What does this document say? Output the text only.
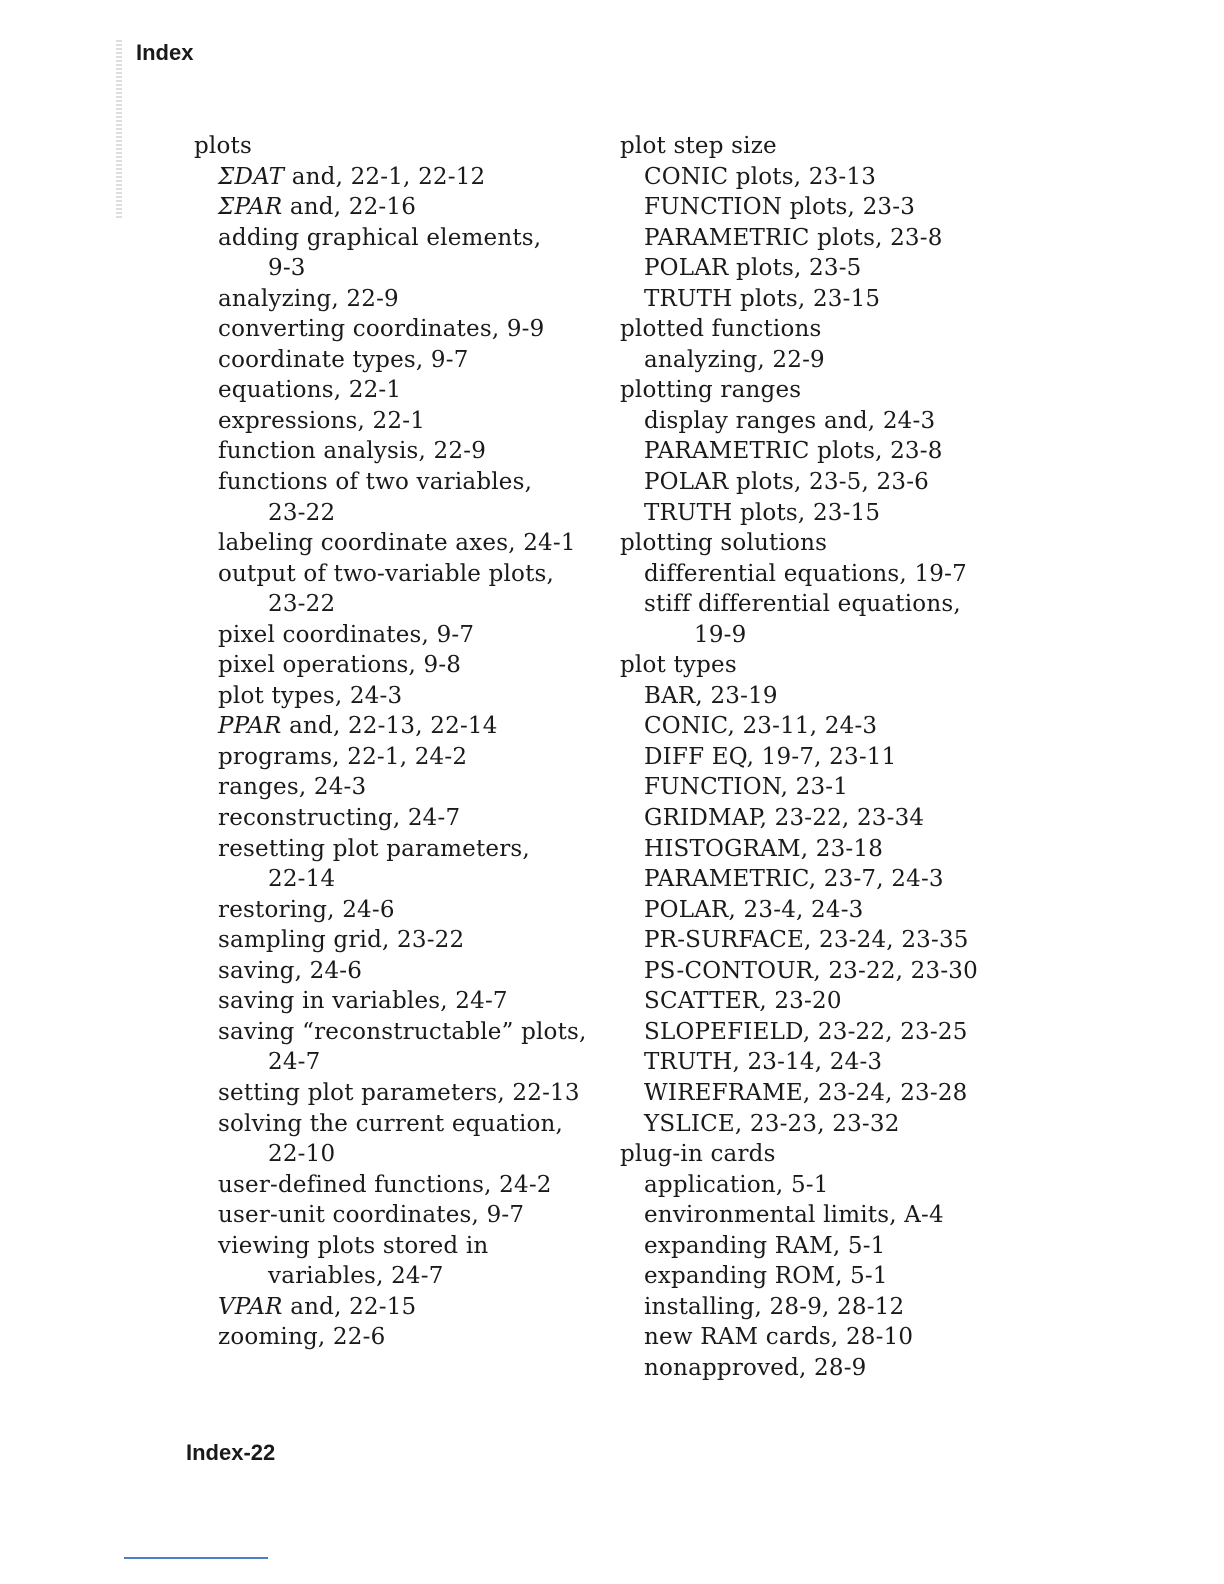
Index
plots
ΣDAT and, 22-1, 22-12
ΣPAR and, 22-16
adding graphical elements,
9-3
analyzing, 22-9
converting coordinates, 9-9
coordinate types, 9-7
equations, 22-1
expressions, 22-1
function analysis, 22-9
functions of two variables,
23-22
labeling coordinate axes, 24-1
output of two-variable plots,
23-22
pixel coordinates, 9-7
pixel operations, 9-8
plot types, 24-3
PPAR and, 22-13, 22-14
programs, 22-1, 24-2
ranges, 24-3
reconstructing, 24-7
resetting plot parameters,
22-14
restoring, 24-6
sampling grid, 23-22
saving, 24-6
saving in variables, 24-7
saving “reconstructable” plots,
24-7
setting plot parameters, 22-13
solving the current equation,
22-10
user-defined functions, 24-2
user-unit coordinates, 9-7
viewing plots stored in
variables, 24-7
VPAR and, 22-15
zooming, 22-6
plot step size
CONIC plots, 23-13
FUNCTION plots, 23-3
PARAMETRIC plots, 23-8
POLAR plots, 23-5
TRUTH plots, 23-15
plotted functions
analyzing, 22-9
plotting ranges
display ranges and, 24-3
PARAMETRIC plots, 23-8
POLAR plots, 23-5, 23-6
TRUTH plots, 23-15
plotting solutions
differential equations, 19-7
stiff differential equations,
19-9
plot types
BAR, 23-19
CONIC, 23-11, 24-3
DIFF EQ, 19-7, 23-11
FUNCTION, 23-1
GRIDMAP, 23-22, 23-34
HISTOGRAM, 23-18
PARAMETRIC, 23-7, 24-3
POLAR, 23-4, 24-3
PR-SURFACE, 23-24, 23-35
PS-CONTOUR, 23-22, 23-30
SCATTER, 23-20
SLOPEFIELD, 23-22, 23-25
TRUTH, 23-14, 24-3
WIREFRAME, 23-24, 23-28
YSLICE, 23-23, 23-32
plug-in cards
application, 5-1
environmental limits, A-4
expanding RAM, 5-1
expanding ROM, 5-1
installing, 28-9, 28-12
new RAM cards, 28-10
nonapproved, 28-9
Index-22
